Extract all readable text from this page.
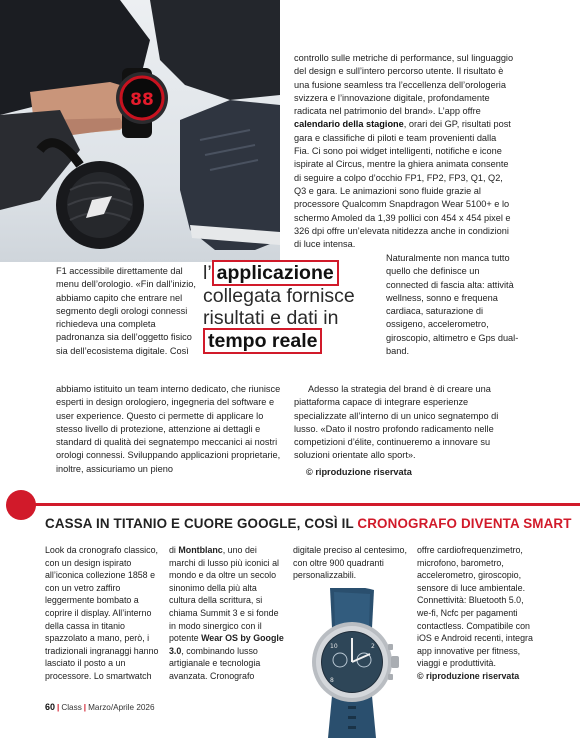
88

controllo sulle metriche di performance, sul linguaggio del design e sull’intero percorso utente. Il risultato è una fusione seamless tra l’eccellenza dell’orologeria svizzera e l’innovazione digitale, profondamente radicata nel patrimonio del brand». L’app offre calendario della stagione, orari dei GP, risultati post gara e classifiche di piloti e team provenienti dalla Fia. Ci sono poi widget intelligenti, notifiche e icone ispirate al Circus, mentre la ghiera animata consente di seguire a colpo d’occhio FP1, FP2, FP3, Q1, Q2, Q3 e gara. Le animazioni sono fluide grazie al processore Qualcomm Snapdragon Wear 5100+ e lo schermo Amoled da 1,39 pollici con 454 x 454 pixel e 326 dpi offre un’elevata nitidezza anche in condizioni di luce intensa.

F1 accessibile direttamente dal menu dell’orologio. «Fin dall’inizio, abbiamo capito che entrare nel segmento degli orologi connessi richiedeva una completa padronanza sia dell’oggetto fisico sia dell’ecosistema digitale. Così

abbiamo istituito un team interno dedicato, che riunisce esperti in design orologiero, ingegneria del software e user experience. Questo ci permette di applicare lo stesso livello di protezione, attenzione ai dettagli e standard di qualità dei segnatempo meccanici ai nostri orologi connessi. Sviluppando applicazioni proprietarie, inoltre, assicuriamo un pieno

l’ applicazione collegata fornisce risultati e dati in tempo reale

Naturalmente non manca tutto quello che definisce un connected di fascia alta: attività wellness, sonno e frequena cardiaca, saturazione di ossigeno, accelerometro, giroscopio, altimetro e Gps dual-band.

Adesso la strategia del brand è di creare una piattaforma capace di integrare esperienze specializzate all’interno di un unico segnatempo di lusso. «Dato il nostro profondo radicamento nelle competizioni d’élite, continueremo a innovare su soluzioni orientate allo sport».

© riproduzione riservata
CASSA IN TITANIO E CUORE GOOGLE, COSÌ IL CRONOGRAFO DIVENTA SMART

Look da cronografo classico, con un design ispirato all’iconica collezione 1858 e con un vetro zaffiro leggermente bombato a coprire il display. All’interno della cassa in titanio spazzolato a mano, però, i tradizionali ingranaggi hanno lasciato il posto a un processore. Lo smartwatch

di Montblanc, uno dei marchi di lusso più iconici al mondo e da oltre un secolo sinonimo della più alta cultura della scrittura, si chiama Summit 3 e si fonde in modo sinergico con il potente Wear OS by Google 3.0, combinando lusso artigianale e tecnologia avanzata. Cronografo

digitale preciso al centesimo, con oltre 900 quadranti personalizzabili.

offre cardiofrequenzimetro, microfono, barometro, accelerometro, giroscopio, sensore di luce ambientale. Connettività: Bluetooth 5.0, we-fi, Ncfc per pagamenti contactless. Compatibile con iOS e Android recenti, integra app innovative per fitness, viaggi e produttività.

© riproduzione riservata

10	2
8
60 | Class | Marzo/Aprile 2026
